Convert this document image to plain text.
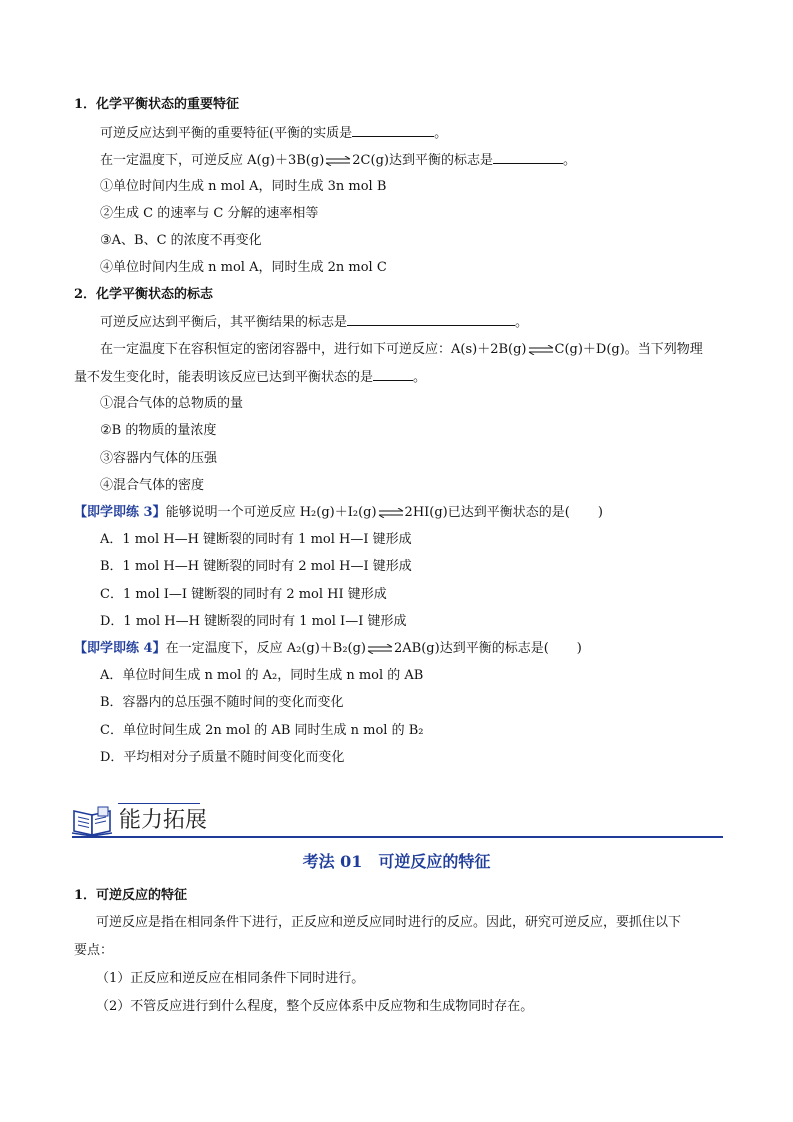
1．化学平衡状态的重要特征
可逆反应达到平衡的重要特征(平衡的实质是	。
在一定温度下，可逆反应 A(g)＋3B(g)⇌2C(g)达到平衡的标志是	。
①单位时间内生成 n mol A，同时生成 3n mol B
②生成 C 的速率与 C 分解的速率相等
③A、B、C 的浓度不再变化
④单位时间内生成 n mol A，同时生成 2n mol C
2．化学平衡状态的标志
可逆反应达到平衡后，其平衡结果的标志是	。
在一定温度下在容积恒定的密闭容器中，进行如下可逆反应：A(s)＋2B(g)⇌C(g)＋D(g)。当下列物理
量不发生变化时，能表明该反应已达到平衡状态的是	。
①混合气体的总物质的量
②B 的物质的量浓度
③容器内气体的压强
④混合气体的密度
【即学即练 3】能够说明一个可逆反应 H₂(g)＋I₂(g)⇌2HI(g)已达到平衡状态的是( )
A．1 mol H—H 键断裂的同时有 1 mol H—I 键形成
B．1 mol H—H 键断裂的同时有 2 mol H—I 键形成
C．1 mol I—I 键断裂的同时有 2 mol HI 键形成
D．1 mol H—H 键断裂的同时有 1 mol I—I 键形成
【即学即练 4】在一定温度下，反应 A₂(g)＋B₂(g)⇌2AB(g)达到平衡的标志是( )
A．单位时间生成 n mol 的 A₂，同时生成 n mol 的 AB
B．容器内的总压强不随时间的变化而变化
C．单位时间生成 2n mol 的 AB 同时生成 n mol 的 B₂
D．平均相对分子质量不随时间变化而变化
能力拓展
考法 01　可逆反应的特征
1．可逆反应的特征
可逆反应是指在相同条件下进行，正反应和逆反应同时进行的反应。因此，研究可逆反应，要抓住以下
要点：
（1）正反应和逆反应在相同条件下同时进行。
（2）不管反应进行到什么程度，整个反应体系中反应物和生成物同时存在。
